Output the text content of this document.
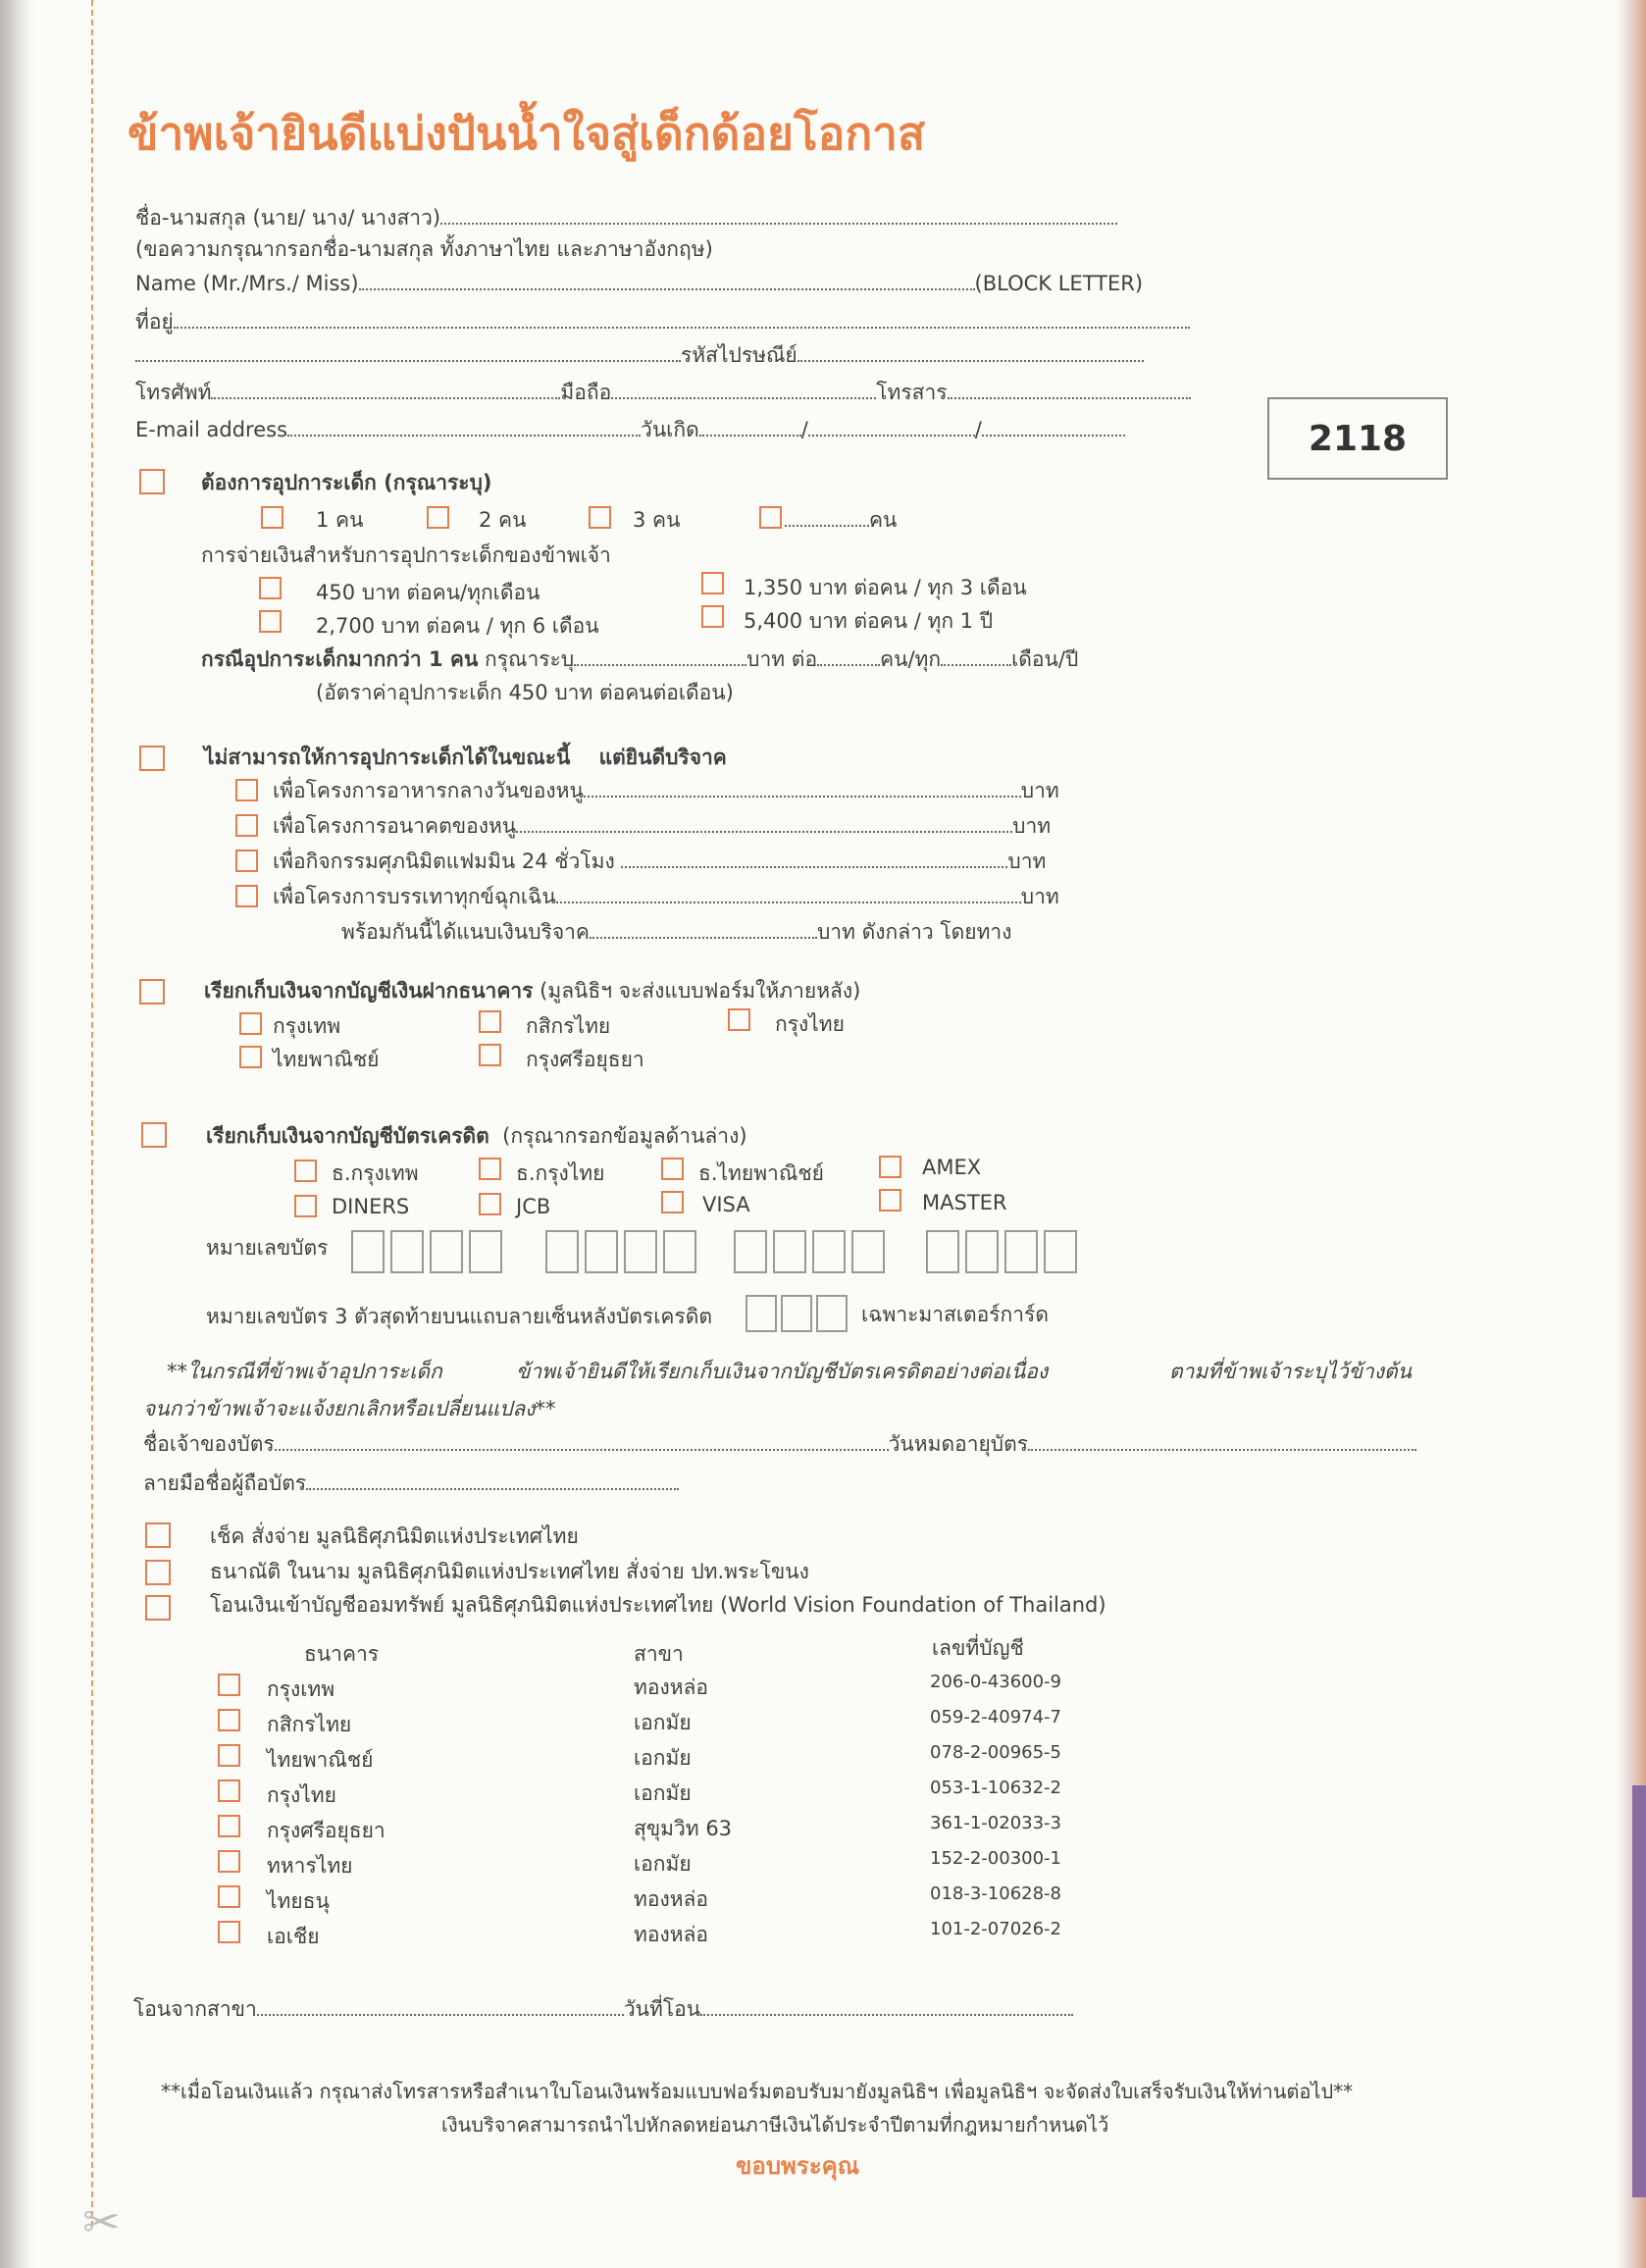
✂
ข้าพเจ้ายินดีแบ่งปันน้ำใจสู่เด็กด้อยโอกาส
ชื่อ-นามสกุล (นาย/ นาง/ นางสาว)
(ขอความกรุณากรอกชื่อ-นามสกุล ทั้งภาษาไทย และภาษาอังกฤษ)
Name (Mr./Mrs./ Miss)	(BLOCK LETTER)
ที่อยู่
รหัสไปรษณีย์
โทรศัพท์	มือถือ	โทรสาร
E-mail address	วันเกิด	/	/	2118
ต้องการอุปการะเด็ก (กรุณาระบุ)
1 คน	2 คน	3 คน	คน
การจ่ายเงินสำหรับการอุปการะเด็กของข้าพเจ้า
450 บาท ต่อคน/ทุกเดือน	1,350 บาท ต่อคน / ทุก 3 เดือน
2,700 บาท ต่อคน / ทุก 6 เดือน	5,400 บาท ต่อคน / ทุก 1 ปี
กรณีอุปการะเด็กมากกว่า 1 คน กรุณาระบุ	บาท ต่อ	คน/ทุก	เดือน/ปี
(อัตราค่าอุปการะเด็ก 450 บาท ต่อคนต่อเดือน)
ไม่สามารถให้การอุปการะเด็กได้ในขณะนี้ แต่ยินดีบริจาค
เพื่อโครงการอาหารกลางวันของหนู	บาท
เพื่อโครงการอนาคตของหนู	บาท
เพื่อกิจกรรมศุภนิมิตแฟมมิน 24 ชั่วโมง	บาท
เพื่อโครงการบรรเทาทุกข์ฉุกเฉิน	บาท
พร้อมกันนี้ได้แนบเงินบริจาค	บาท ดังกล่าว โดยทาง
เรียกเก็บเงินจากบัญชีเงินฝากธนาคาร (มูลนิธิฯ จะส่งแบบฟอร์มให้ภายหลัง)
กรุงเทพ	กสิกรไทย	กรุงไทย
ไทยพาณิชย์	กรุงศรีอยุธยา
เรียกเก็บเงินจากบัญชีบัตรเครดิต (กรุณากรอกข้อมูลด้านล่าง)
ธ.กรุงเทพ	ธ.กรุงไทย	ธ.ไทยพาณิชย์	AMEX
DINERS	JCB	VISA	MASTER
หมายเลขบัตร
หมายเลขบัตร 3 ตัวสุดท้ายบนแถบลายเซ็นหลังบัตรเครดิต	เฉพาะมาสเตอร์การ์ด
**ในกรณีที่ข้าพเจ้าอุปการะเด็ก	ข้าพเจ้ายินดีให้เรียกเก็บเงินจากบัญชีบัตรเครดิตอย่างต่อเนื่อง	ตามที่ข้าพเจ้าระบุไว้ข้างต้น
จนกว่าข้าพเจ้าจะแจ้งยกเลิกหรือเปลี่ยนแปลง**
ชื่อเจ้าของบัตร	วันหมดอายุบัตร
ลายมือชื่อผู้ถือบัตร
เช็ค สั่งจ่าย มูลนิธิศุภนิมิตแห่งประเทศไทย
ธนาณัติ ในนาม มูลนิธิศุภนิมิตแห่งประเทศไทย สั่งจ่าย ปท.พระโขนง
โอนเงินเข้าบัญชีออมทรัพย์ มูลนิธิศุภนิมิตแห่งประเทศไทย (World Vision Foundation of Thailand)
ธนาคาร	สาขา	เลขที่บัญชี
กรุงเทพ	ทองหล่อ	206-0-43600-9
กสิกรไทย	เอกมัย	059-2-40974-7
ไทยพาณิชย์	เอกมัย	078-2-00965-5
กรุงไทย	เอกมัย	053-1-10632-2
กรุงศรีอยุธยา	สุขุมวิท 63	361-1-02033-3
ทหารไทย	เอกมัย	152-2-00300-1
ไทยธนุ	ทองหล่อ	018-3-10628-8
เอเชีย	ทองหล่อ	101-2-07026-2
โอนจากสาขา	วันที่โอน
**เมื่อโอนเงินแล้ว กรุณาส่งโทรสารหรือสำเนาใบโอนเงินพร้อมแบบฟอร์มตอบรับมายังมูลนิธิฯ เพื่อมูลนิธิฯ จะจัดส่งใบเสร็จรับเงินให้ท่านต่อไป**
เงินบริจาคสามารถนำไปหักลดหย่อนภาษีเงินได้ประจำปีตามที่กฎหมายกำหนดไว้
ขอบพระคุณ
